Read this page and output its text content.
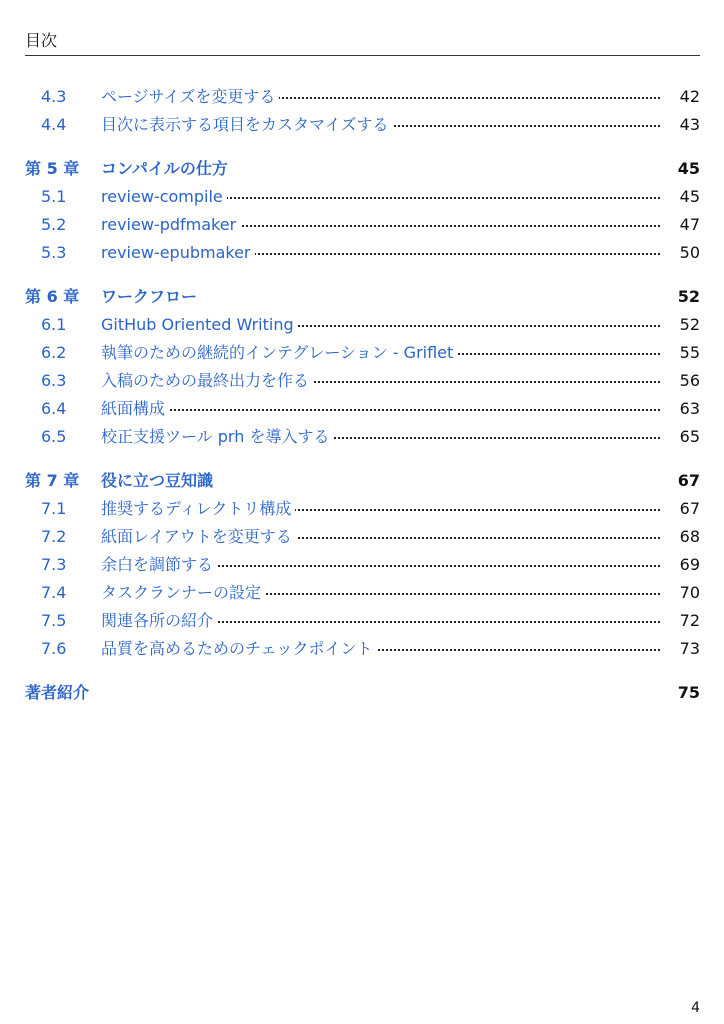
目次
4.3 ページサイズを変更する	42
4.4 目次に表示する項目をカスタマイズする	43
第 5 章 コンパイルの仕方	45
5.1 review-compile	45
5.2 review-pdfmaker	47
5.3 review-epubmaker	50
第 6 章 ワークフロー	52
6.1 GitHub Oriented Writing	52
6.2 執筆のための継続的インテグレーション - Griflet	55
6.3 入稿のための最終出力を作る	56
6.4 紙面構成	63
6.5 校正支援ツール prh を導入する	65
第 7 章 役に立つ豆知識	67
7.1 推奨するディレクトリ構成	67
7.2 紙面レイアウトを変更する	68
7.3 余白を調節する	69
7.4 タスクランナーの設定	70
7.5 関連各所の紹介	72
7.6 品質を高めるためのチェックポイント	73
著者紹介	75
4
